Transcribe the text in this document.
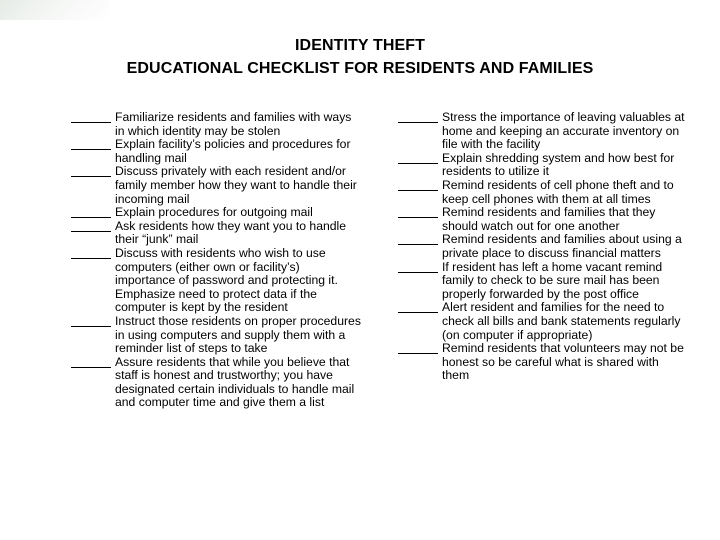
IDENTITY THEFT
EDUCATIONAL CHECKLIST FOR RESIDENTS AND FAMILIES
Familiarize residents and families with ways in which identity may be stolen
Explain facility’s policies and procedures for handling mail
Discuss privately with each resident and/or family member how they want to handle their incoming mail
Explain procedures for outgoing mail
Ask residents how they want you to handle their “junk” mail
Discuss with residents who wish to use computers (either own or facility’s) importance of password and protecting it. Emphasize need to protect data if the computer is kept by the resident
Instruct those residents on proper procedures in using computers and supply them with a reminder list of steps to take
Assure residents that while you believe that staff is honest and trustworthy; you have designated certain individuals to handle mail and computer time and give them a list
Stress the importance of leaving valuables at home and keeping an accurate inventory on file with the facility
Explain shredding system and how best for residents to utilize it
Remind residents of cell phone theft and to keep cell phones with them at all times
Remind residents and families that they should watch out for one another
Remind residents and families about using a private place to discuss financial matters
If resident has left a home vacant remind family to check to be sure mail has been properly forwarded by the post office
Alert resident and families for the need to check all bills and bank statements regularly (on computer if appropriate)
Remind residents that volunteers may not be honest so be careful what is shared with them
